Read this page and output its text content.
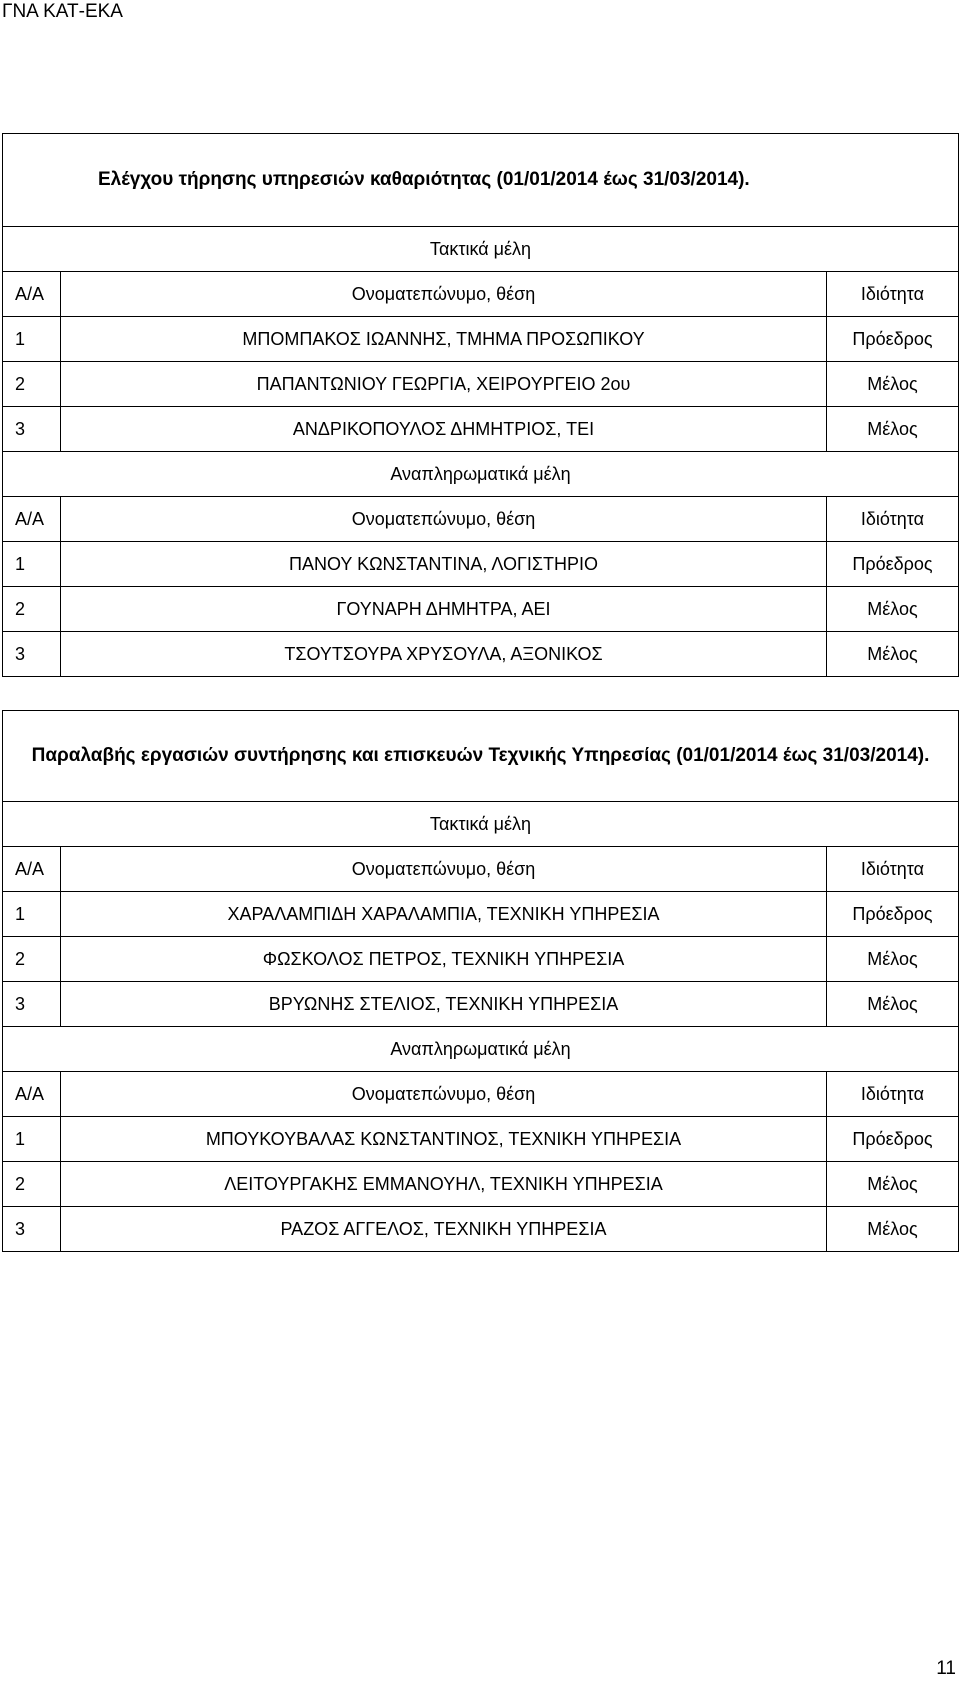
ΓΝΑ ΚΑΤ-ΕΚΑ
Ελέγχου τήρησης υπηρεσιών καθαριότητας (01/01/2014 έως 31/03/2014).		
Τακτικά μέλη		
Α/Α	Ονοματεπώνυμο, θέση	Ιδιότητα
1	ΜΠΟΜΠΑΚΟΣ ΙΩΑΝΝΗΣ, ΤΜΗΜΑ ΠΡΟΣΩΠΙΚΟΥ	Πρόεδρος
2	ΠΑΠΑΝΤΩΝΙΟΥ ΓΕΩΡΓΙΑ, ΧΕΙΡΟΥΡΓΕΙΟ 2ου	Μέλος
3	ΑΝΔΡΙΚΟΠΟΥΛΟΣ ΔΗΜΗΤΡΙΟΣ, ΤΕΙ	Μέλος
Αναπληρωματικά μέλη		
Α/Α	Ονοματεπώνυμο, θέση	Ιδιότητα
1	ΠΑΝΟΥ ΚΩΝΣΤΑΝΤΙΝΑ, ΛΟΓΙΣΤΗΡΙΟ	Πρόεδρος
2	ΓΟΥΝΑΡΗ ΔΗΜΗΤΡΑ, ΑΕΙ	Μέλος
3	ΤΣΟΥΤΣΟΥΡΑ ΧΡΥΣΟΥΛΑ, ΑΞΟΝΙΚΟΣ	Μέλος
Παραλαβής εργασιών συντήρησης και επισκευών Τεχνικής Υπηρεσίας (01/01/2014 έως 31/03/2014).		
Τακτικά μέλη		
Α/Α	Ονοματεπώνυμο, θέση	Ιδιότητα
1	ΧΑΡΑΛΑΜΠΙΔΗ ΧΑΡΑΛΑΜΠΙΑ, ΤΕΧΝΙΚΗ ΥΠΗΡΕΣΙΑ	Πρόεδρος
2	ΦΩΣΚΟΛΟΣ ΠΕΤΡΟΣ, ΤΕΧΝΙΚΗ ΥΠΗΡΕΣΙΑ	Μέλος
3	ΒΡΥΩΝΗΣ ΣΤΕΛΙΟΣ, ΤΕΧΝΙΚΗ ΥΠΗΡΕΣΙΑ	Μέλος
Αναπληρωματικά μέλη		
Α/Α	Ονοματεπώνυμο, θέση	Ιδιότητα
1	ΜΠΟΥΚΟΥΒΑΛΑΣ ΚΩΝΣΤΑΝΤΙΝΟΣ, ΤΕΧΝΙΚΗ ΥΠΗΡΕΣΙΑ	Πρόεδρος
2	ΛΕΙΤΟΥΡΓΑΚΗΣ ΕΜΜΑΝΟΥΗΛ, ΤΕΧΝΙΚΗ ΥΠΗΡΕΣΙΑ	Μέλος
3	ΡΑΖΟΣ ΑΓΓΕΛΟΣ, ΤΕΧΝΙΚΗ ΥΠΗΡΕΣΙΑ	Μέλος
11
